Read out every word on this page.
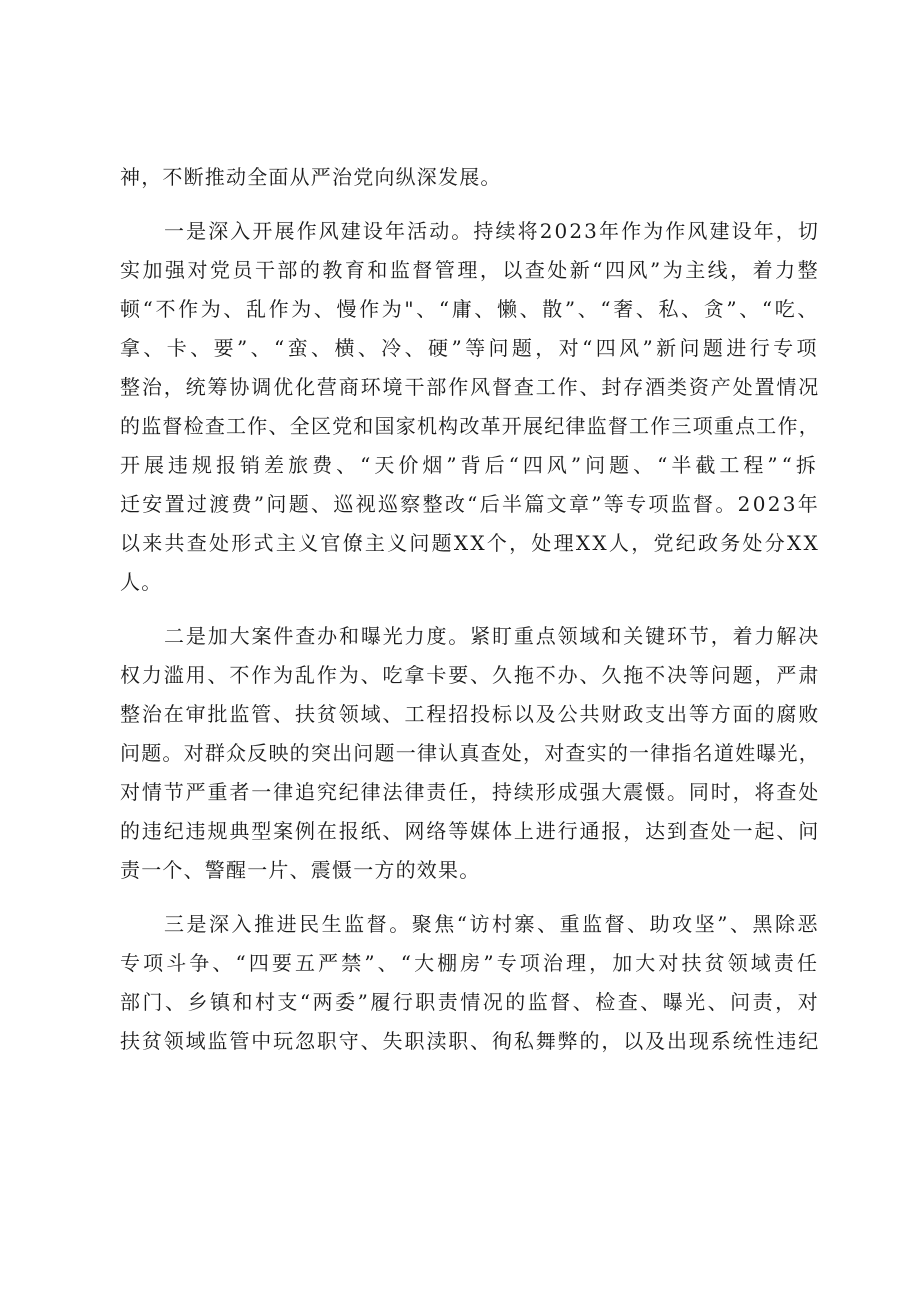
神，不断推动全面从严治党向纵深发展。
一是深入开展作风建设年活动。持续将2023年作为作风建设年，切
实加强对党员干部的教育和监督管理，以查处新“四风”为主线，着力整
顿“不作为、乱作为、慢作为"、“庸、懒、散”、“奢、私、贪”、“吃、
拿、卡、要”、“蛮、横、冷、硬”等问题，对“四风”新问题进行专项
整治，统筹协调优化营商环境干部作风督查工作、封存酒类资产处置情况
的监督检查工作、全区党和国家机构改革开展纪律监督工作三项重点工作，
开展违规报销差旅费、“天价烟”背后“四风”问题、“半截工程”“拆
迁安置过渡费”问题、巡视巡察整改“后半篇文章”等专项监督。2023年
以来共查处形式主义官僚主义问题XX个，处理XX人，党纪政务处分XX
人。
二是加大案件查办和曝光力度。紧盯重点领域和关键环节，着力解决
权力滥用、不作为乱作为、吃拿卡要、久拖不办、久拖不决等问题，严肃
整治在审批监管、扶贫领域、工程招投标以及公共财政支出等方面的腐败
问题。对群众反映的突出问题一律认真查处，对查实的一律指名道姓曝光，
对情节严重者一律追究纪律法律责任，持续形成强大震慑。同时，将查处
的违纪违规典型案例在报纸、网络等媒体上进行通报，达到查处一起、问
责一个、警醒一片、震慑一方的效果。
三是深入推进民生监督。聚焦“访村寨、重监督、助攻坚”、黑除恶
专项斗争、“四要五严禁”、“大棚房”专项治理，加大对扶贫领域责任
部门、乡镇和村支“两委”履行职责情况的监督、检查、曝光、问责，对
扶贫领域监管中玩忽职守、失职渎职、徇私舞弊的，以及出现系统性违纪
